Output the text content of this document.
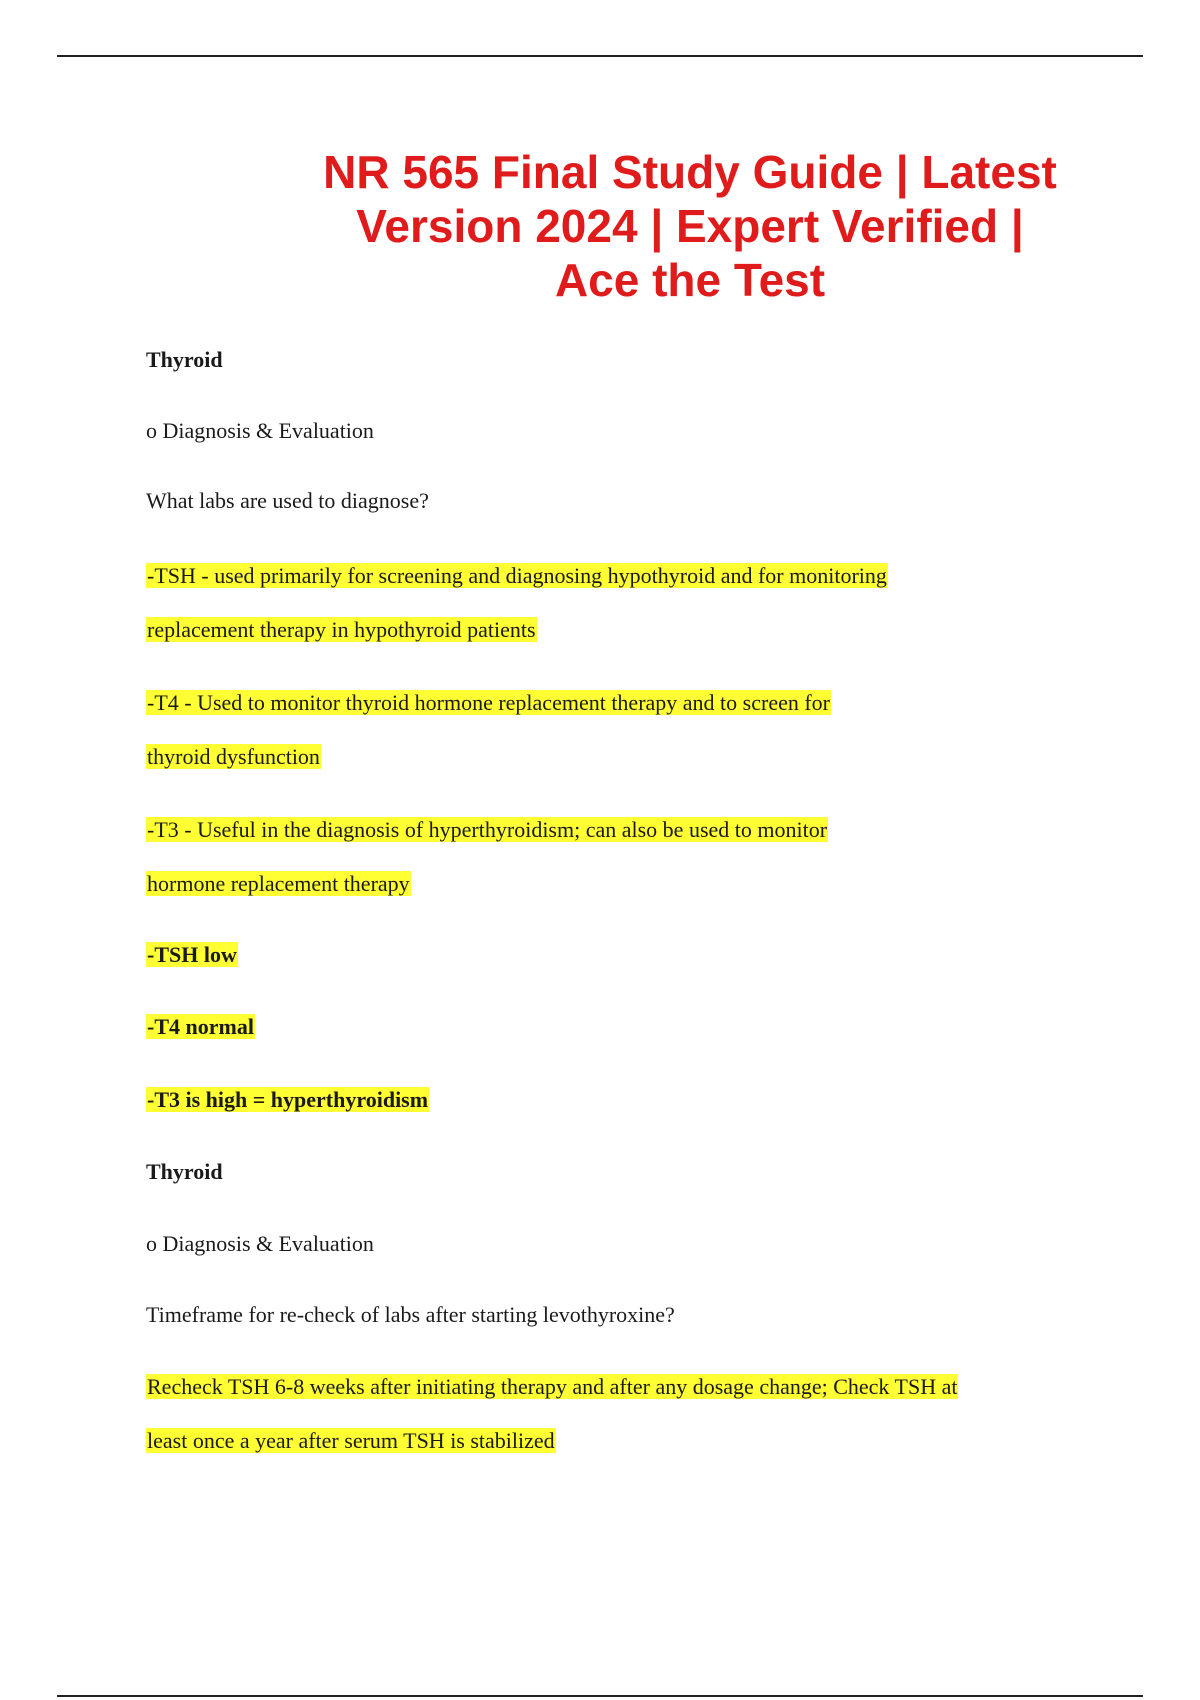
NR 565 Final Study Guide | Latest
Version 2024 | Expert Verified |
Ace the Test
Thyroid
o Diagnosis & Evaluation
What labs are used to diagnose?
-TSH - used primarily for screening and diagnosing hypothyroid and for monitoring
replacement therapy in hypothyroid patients
-T4 - Used to monitor thyroid hormone replacement therapy and to screen for
thyroid dysfunction
-T3 - Useful in the diagnosis of hyperthyroidism; can also be used to monitor
hormone replacement therapy
-TSH low
-T4 normal
-T3 is high = hyperthyroidism
Thyroid
o Diagnosis & Evaluation
Timeframe for re-check of labs after starting levothyroxine?
Recheck TSH 6-8 weeks after initiating therapy and after any dosage change; Check TSH at
least once a year after serum TSH is stabilized
